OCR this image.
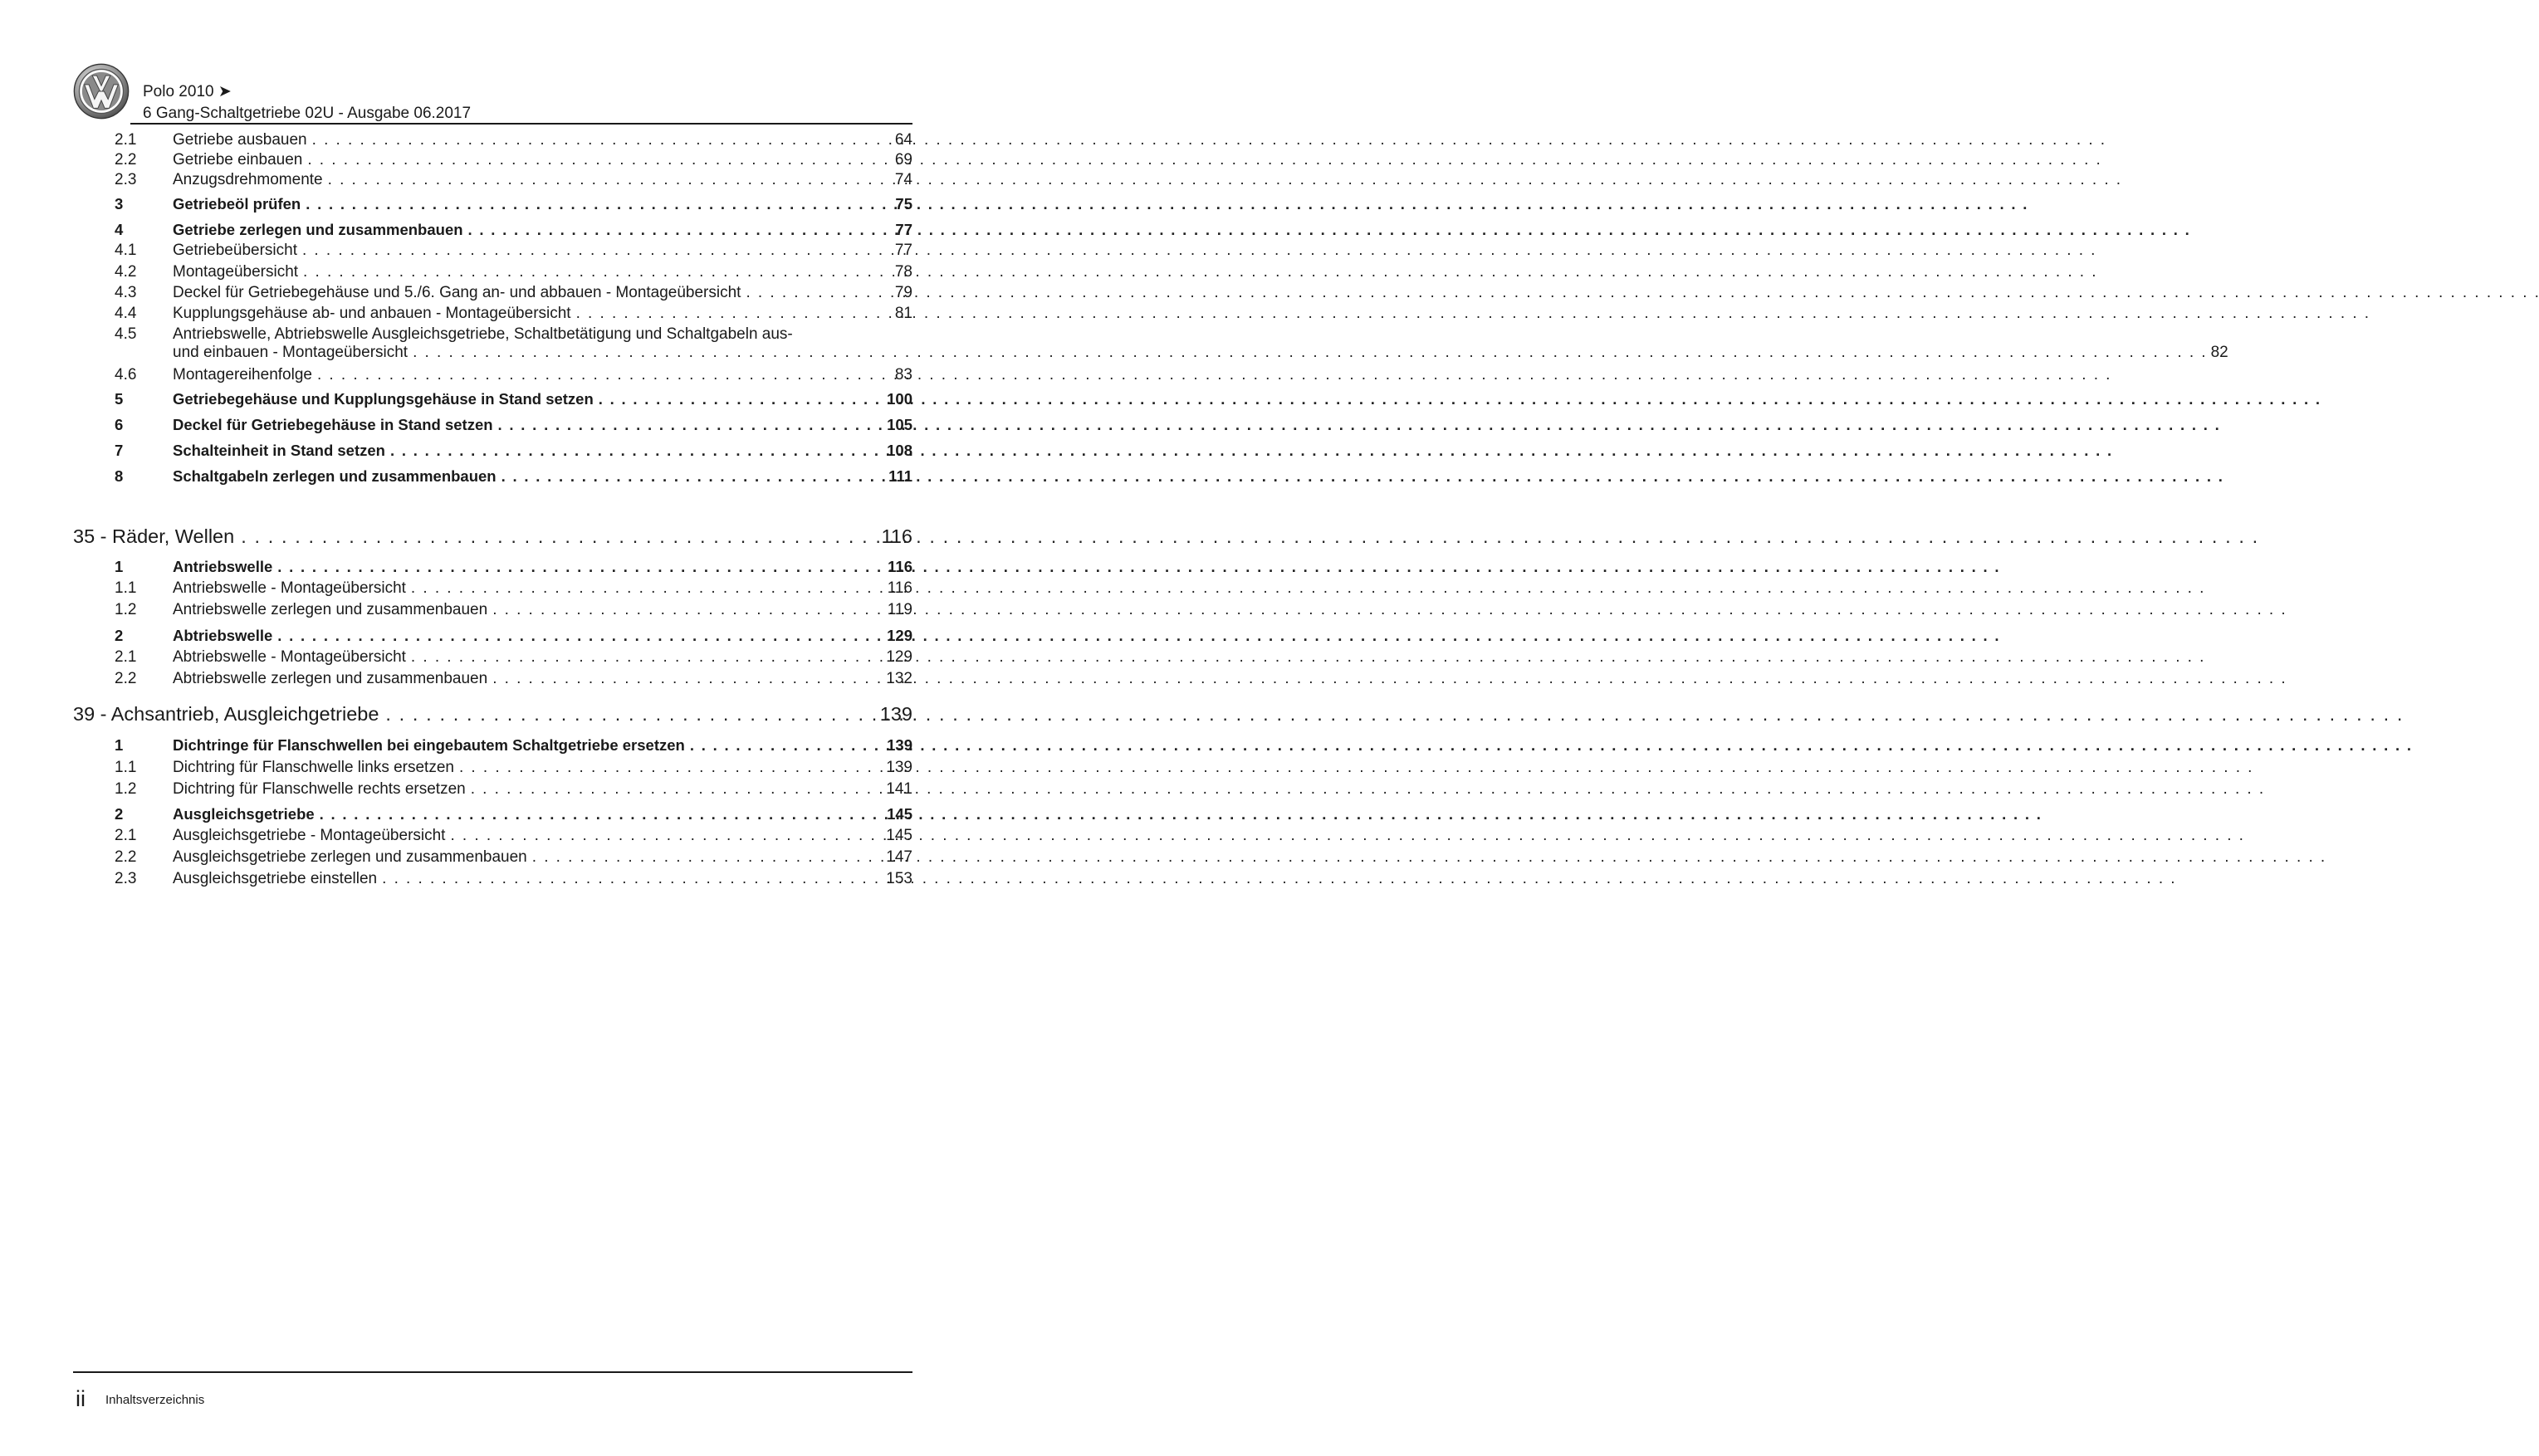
Polo 2010 ➤
6 Gang-Schaltgetriebe 02U - Ausgabe 06.2017
2.1	Getriebe ausbauen . . .	64
2.2	Getriebe einbauen . . .	69
2.3	Anzugsdrehmomente . . .	74
3	Getriebeöl prüfen . . .	75
4	Getriebe zerlegen und zusammenbauen . . .	77
4.1	Getriebeübersicht . . .	77
4.2	Montageübersicht . . .	78
4.3	Deckel für Getriebegehäuse und 5./6. Gang an- und abbauen - Montageübersicht . . .	79
4.4	Kupplungsgehäuse ab- und anbauen - Montageübersicht . . .	81
4.5	Antriebswelle, Abtriebswelle Ausgleichsgetriebe, Schaltbetätigung und Schaltgabeln aus-
und einbauen - Montageübersicht . . .	82
4.6	Montagereihenfolge . . .	83
5	Getriebegehäuse und Kupplungsgehäuse in Stand setzen . . .	100
6	Deckel für Getriebegehäuse in Stand setzen . . .	105
7	Schalteinheit in Stand setzen . . .	108
8	Schaltgabeln zerlegen und zusammenbauen . . .	111
35 - Räder, Wellen . . .	116
1	Antriebswelle . . .	116
1.1	Antriebswelle - Montageübersicht . . .	116
1.2	Antriebswelle zerlegen und zusammenbauen . . .	119
2	Abtriebswelle . . .	129
2.1	Abtriebswelle - Montageübersicht . . .	129
2.2	Abtriebswelle zerlegen und zusammenbauen . . .	132
39 - Achsantrieb, Ausgleichgetriebe . . .	139
1	Dichtringe für Flanschwellen bei eingebautem Schaltgetriebe ersetzen . . .	139
1.1	Dichtring für Flanschwelle links ersetzen . . .	139
1.2	Dichtring für Flanschwelle rechts ersetzen . . .	141
2	Ausgleichsgetriebe . . .	145
2.1	Ausgleichsgetriebe - Montageübersicht . . .	145
2.2	Ausgleichsgetriebe zerlegen und zusammenbauen . . .	147
2.3	Ausgleichsgetriebe einstellen . . .	153
ii Inhaltsverzeichnis
